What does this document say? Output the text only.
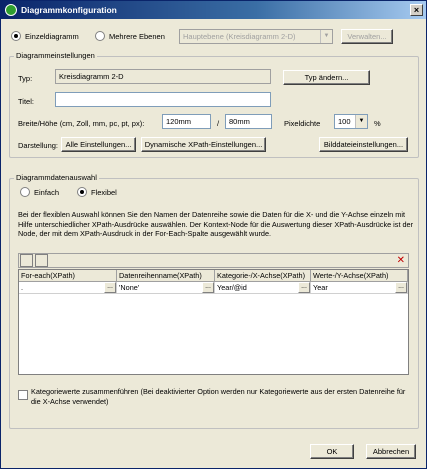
Diagrammkonfiguration	×
Einzeldiagramm	Mehrere Ebenen	Hauptebene (Kreisdiagramm 2-D)	▼	Verwalten...
Diagrammeinstellungen
Typ:	Kreisdiagramm 2-D	Typ ändern...
Titel:
Breite/Höhe (cm, Zoll, mm, pc, pt, px):	120mm	/	80mm	Pixeldichte	100	▼	%
Darstellung:	Alle Einstellungen...	Dynamische XPath-Einstellungen...	Bilddateieinstellungen...
Diagrammdatenauswahl
Einfach	Flexibel
Bei der flexiblen Auswahl können Sie den Namen der Datenreihe sowie die Daten für die X- und die Y-Achse einzeln mit Hilfe unterschiedlicher XPath-Ausdrücke auswählen. Der Kontext-Node für die Auswertung dieser XPath-Ausdrücke ist der Node, der mit dem XPath-Ausdruck in der For-Each-Spalte ausgewählt wurde.
✕
For-each(XPath)	Datenreihenname(XPath)	Kategorie-/X-Achse(XPath)	Werte-/Y-Achse(XPath)
.	... 'None'	... Year/@id	... Year	...
Kategoriewerte zusammenführen (Bei deaktivierter Option werden nur Kategoriewerte aus der ersten Datenreihe für die X-Achse verwendet)
OK	Abbrechen
